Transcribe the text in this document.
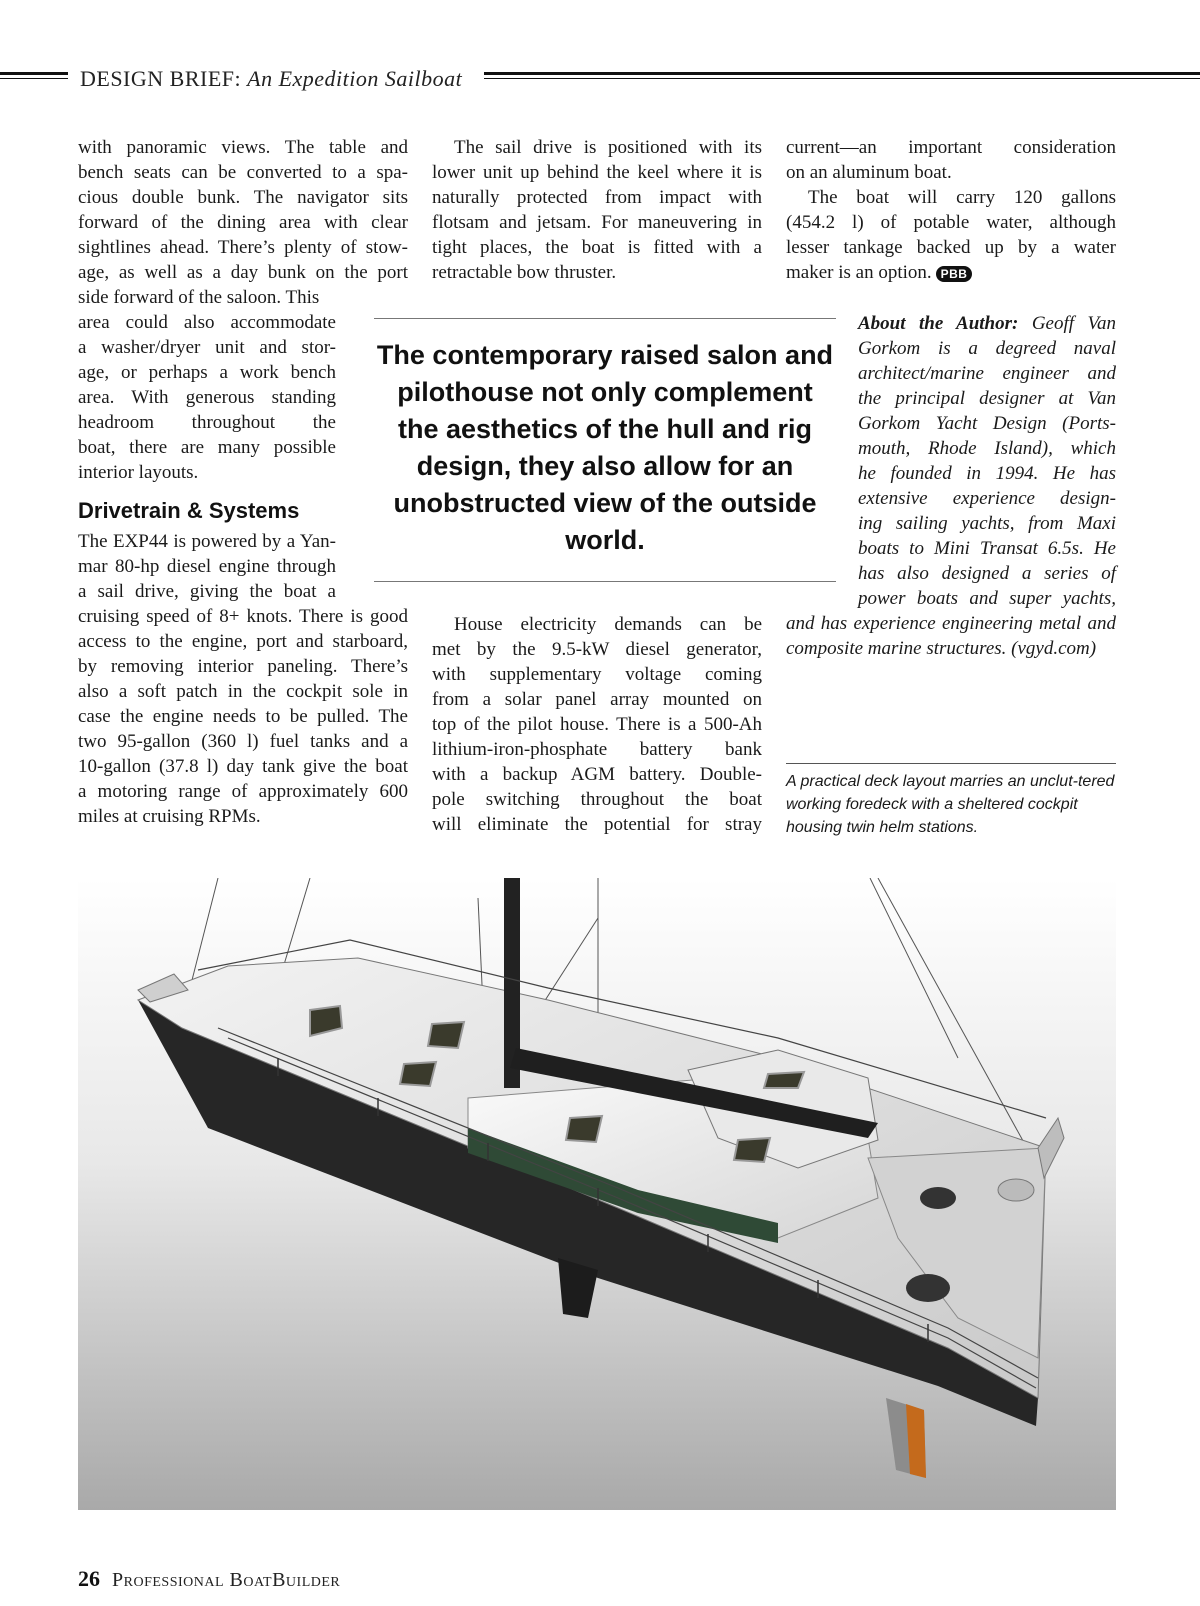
DESIGN BRIEF: An Expedition Sailboat
with panoramic views. The table and
bench seats can be converted to a spa-
cious double bunk. The navigator sits
forward of the dining area with clear
sightlines ahead. There’s plenty of stow-
age, as well as a day bunk on the port
side forward of the saloon. This
area could also accommodate
a washer/dryer unit and stor-
age, or perhaps a work bench
area. With generous standing
headroom throughout the
boat, there are many possible
interior layouts.
Drivetrain & Systems
The EXP44 is powered by a Yan-
mar 80-hp diesel engine through
a sail drive, giving the boat a
cruising speed of 8+ knots. There is good
access to the engine, port and starboard,
by removing interior paneling. There’s
also a soft patch in the cockpit sole in
case the engine needs to be pulled. The
two 95-gallon (360 l) fuel tanks and a
10-gallon (37.8 l) day tank give the boat
a motoring range of approximately 600
miles at cruising RPMs.
The sail drive is positioned with its
lower unit up behind the keel where it is
naturally protected from impact with
flotsam and jetsam. For maneuvering in
tight places, the boat is fitted with a
retractable bow thruster.
The contemporary raised salon and pilothouse not only complement the aesthetics of the hull and rig design, they also allow for an unobstructed view of the outside world.
House electricity demands can be
met by the 9.5-kW diesel generator,
with supplementary voltage coming
from a solar panel array mounted on
top of the pilot house. There is a 500-Ah
lithium-iron-phosphate battery bank
with a backup AGM battery. Double-
pole switching throughout the boat
will eliminate the potential for stray
current—an important consideration
on an aluminum boat.
The boat will carry 120 gallons
(454.2 l) of potable water, although
lesser tankage backed up by a water
maker is an option. PBB
About the Author: Geoff Van
Gorkom is a degreed naval
architect/marine engineer and
the principal designer at Van
Gorkom Yacht Design (Ports-
mouth, Rhode Island), which
he founded in 1994. He has
extensive experience design-
ing sailing yachts, from Maxi
boats to Mini Transat 6.5s. He
has also designed a series of
power boats and super yachts,
and has experience engineering metal and
composite marine structures. (vgyd.com)
A practical deck layout marries an unclut-tered working foredeck with a sheltered cockpit housing twin helm stations.
26 Professional BoatBuilder
